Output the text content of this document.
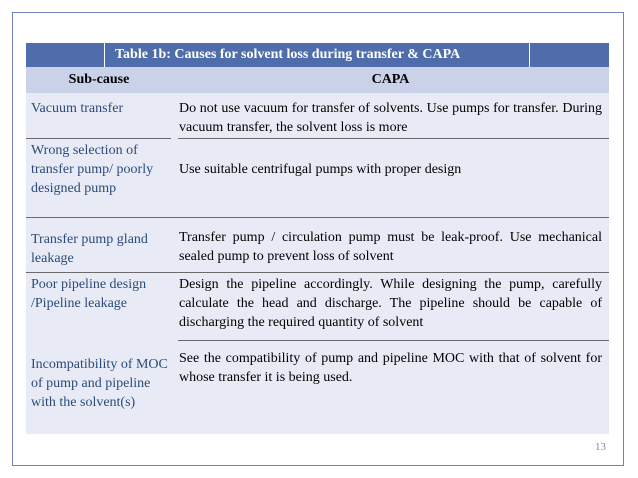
Table 1b: Causes for solvent loss during transfer & CAPA
Sub-cause	CAPA
Vacuum transfer	Do not use vacuum for transfer of solvents. Use pumps for transfer. During vacuum transfer, the solvent loss is more
Wrong selection of transfer pump/ poorly designed pump
Use suitable centrifugal pumps with proper design
Transfer pump gland leakage
Transfer pump / circulation pump must be leak-proof. Use mechanical sealed pump to prevent loss of solvent
Poor pipeline design /Pipeline leakage
Design the pipeline accordingly. While designing the pump, carefully calculate the head and discharge. The pipeline should be capable of discharging the required quantity of solvent
Incompatibility of MOC of pump and pipeline with the solvent(s)
See the compatibility of pump and pipeline MOC with that of solvent for whose transfer it is being used.
13
